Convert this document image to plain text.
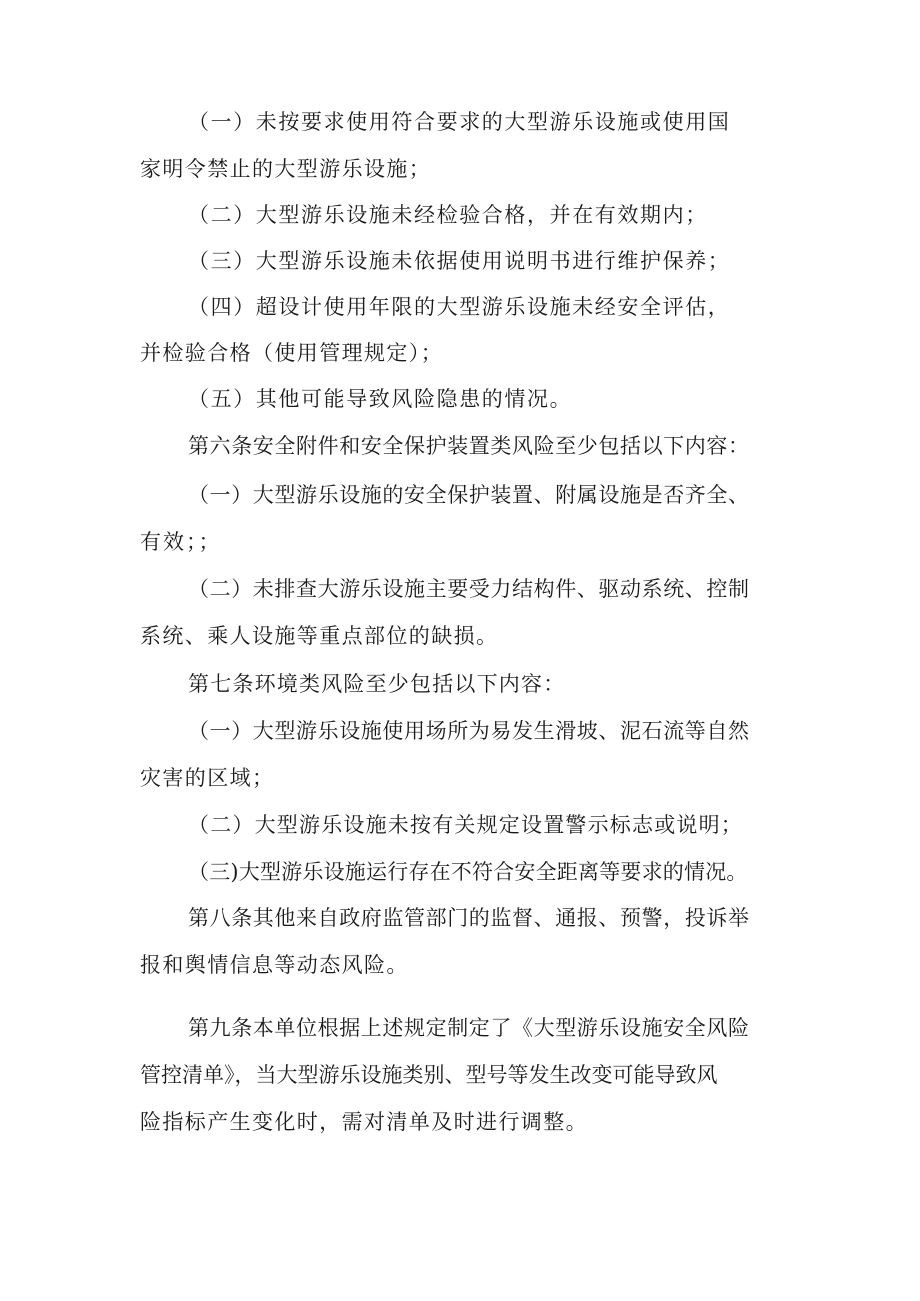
（一）未按要求使用符合要求的大型游乐设施或使用国
家明令禁止的大型游乐设施；
（二）大型游乐设施未经检验合格，并在有效期内；
（三）大型游乐设施未依据使用说明书进行维护保养；
（四）超设计使用年限的大型游乐设施未经安全评估，
并检验合格（使用管理规定）；
（五）其他可能导致风险隐患的情况。
第六条安全附件和安全保护装置类风险至少包括以下内容：
（一）大型游乐设施的安全保护装置、附属设施是否齐全、
有效；；
（二）未排查大游乐设施主要受力结构件、驱动系统、控制
系统、乘人设施等重点部位的缺损。
第七条环境类风险至少包括以下内容：
（一）大型游乐设施使用场所为易发生滑坡、泥石流等自然
灾害的区域；
（二）大型游乐设施未按有关规定设置警示标志或说明；
（三)大型游乐设施运行存在不符合安全距离等要求的情况。
第八条其他来自政府监管部门的监督、通报、预警，投诉举
报和舆情信息等动态风险。
第九条本单位根据上述规定制定了《大型游乐设施安全风险
管控清单》，当大型游乐设施类别、型号等发生改变可能导致风
险指标产生变化时，需对清单及时进行调整。
